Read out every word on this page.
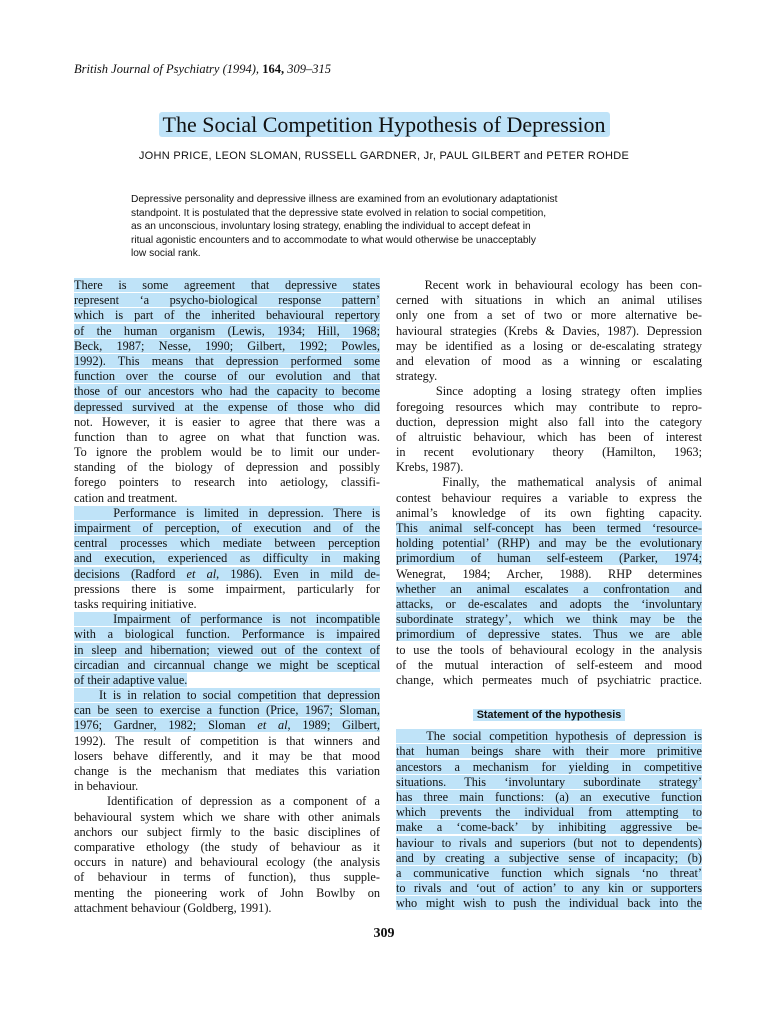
British Journal of Psychiatry (1994), 164, 309–315
The Social Competition Hypothesis of Depression
JOHN PRICE, LEON SLOMAN, RUSSELL GARDNER, Jr, PAUL GILBERT and PETER ROHDE
Depressive personality and depressive illness are examined from an evolutionary adaptationist
standpoint. It is postulated that the depressive state evolved in relation to social competition,
as an unconscious, involuntary losing strategy, enabling the individual to accept defeat in
ritual agonistic encounters and to accommodate to what would otherwise be unacceptably
low social rank.
There is some agreement that depressive states
represent ‘a psycho-biological response pattern’
which is part of the inherited behavioural repertory
of the human organism (Lewis, 1934; Hill, 1968;
Beck, 1987; Nesse, 1990; Gilbert, 1992; Powles,
1992). This means that depression performed some
function over the course of our evolution and that
those of our ancestors who had the capacity to become
depressed survived at the expense of those who did
not. However, it is easier to agree that there was a
function than to agree on what that function was.
To ignore the problem would be to limit our under-
standing of the biology of depression and possibly
forego pointers to research into aetiology, classifi-
cation and treatment.
Performance is limited in depression. There is
impairment of perception, of execution and of the
central processes which mediate between perception
and execution, experienced as difficulty in making
decisions (Radford et al, 1986). Even in mild de-
pressions there is some impairment, particularly for
tasks requiring initiative.
Impairment of performance is not incompatible
with a biological function. Performance is impaired
in sleep and hibernation; viewed out of the context of
circadian and circannual change we might be sceptical
of their adaptive value.
It is in relation to social competition that depression
can be seen to exercise a function (Price, 1967; Sloman,
1976; Gardner, 1982; Sloman et al, 1989; Gilbert,
1992). The result of competition is that winners and
losers behave differently, and it may be that mood
change is the mechanism that mediates this variation
in behaviour.
Identification of depression as a component of a
behavioural system which we share with other animals
anchors our subject firmly to the basic disciplines of
comparative ethology (the study of behaviour as it
occurs in nature) and behavioural ecology (the analysis
of behaviour in terms of function), thus supple-
menting the pioneering work of John Bowlby on
attachment behaviour (Goldberg, 1991).
Recent work in behavioural ecology has been con-
cerned with situations in which an animal utilises
only one from a set of two or more alternative be-
havioural strategies (Krebs & Davies, 1987). Depression
may be identified as a losing or de-escalating strategy
and elevation of mood as a winning or escalating
strategy.
Since adopting a losing strategy often implies
foregoing resources which may contribute to repro-
duction, depression might also fall into the category
of altruistic behaviour, which has been of interest
in recent evolutionary theory (Hamilton, 1963;
Krebs, 1987).
Finally, the mathematical analysis of animal
contest behaviour requires a variable to express the
animal’s knowledge of its own fighting capacity.
This animal self-concept has been termed ‘resource-
holding potential’ (RHP) and may be the evolutionary
primordium of human self-esteem (Parker, 1974;
Wenegrat, 1984; Archer, 1988). RHP determines
whether an animal escalates a confrontation and
attacks, or de-escalates and adopts the ‘involuntary
subordinate strategy’, which we think may be the
primordium of depressive states. Thus we are able
to use the tools of behavioural ecology in the analysis
of the mutual interaction of self-esteem and mood
change, which permeates much of psychiatric practice.
Statement of the hypothesis
The social competition hypothesis of depression is
that human beings share with their more primitive
ancestors a mechanism for yielding in competitive
situations. This ‘involuntary subordinate strategy’
has three main functions: (a) an executive function
which prevents the individual from attempting to
make a ‘come-back’ by inhibiting aggressive be-
haviour to rivals and superiors (but not to dependents)
and by creating a subjective sense of incapacity; (b)
a communicative function which signals ‘no threat’
to rivals and ‘out of action’ to any kin or supporters
who might wish to push the individual back into the
309
